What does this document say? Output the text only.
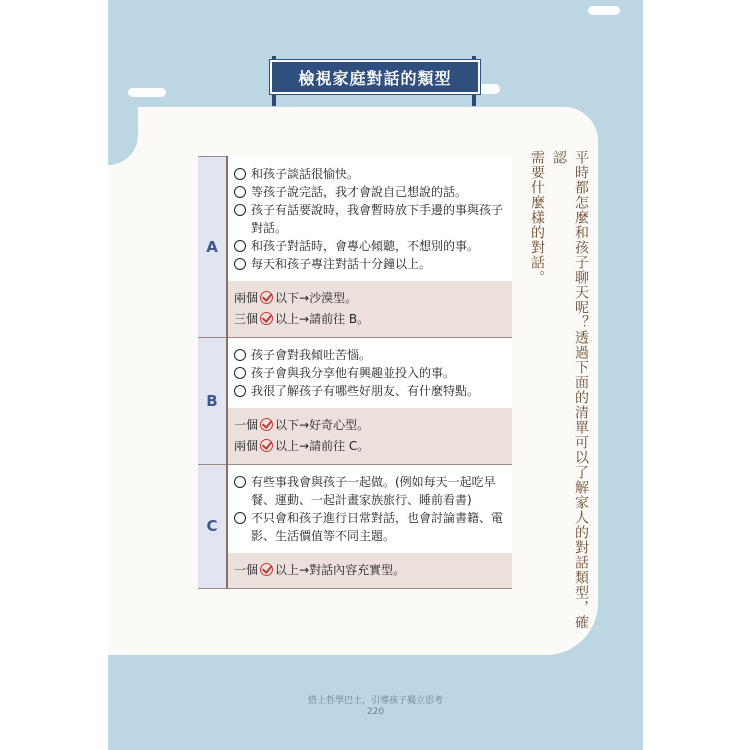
檢視家庭對話的類型
A	和孩子談話很愉快。
等孩子說完話，我才會說自己想說的話。
孩子有話要說時，我會暫時放下手邊的事與孩子對話。
和孩子對話時，會專心傾聽，不想別的事。
每天和孩子專注對話十分鐘以上。

	兩個 以下→沙漠型。
三個 以上→請前往 B。

B	孩子會對我傾吐苦惱。
孩子會與我分享他有興趣並投入的事。
我很了解孩子有哪些好朋友、有什麼特點。

	一個 以下→好奇心型。
兩個 以上→請前往 C。

C	有些事我會與孩子一起做。(例如每天一起吃早餐、運動、一起計畫家族旅行、睡前看書)
不只會和孩子進行日常對話，也會討論書籍、電影、生活價值等不同主題。

	一個 以上→對話內容充實型。	平時都怎麼和孩子聊天呢？透過下面的清單可以了解家人的對話類型，確認
需要什麼樣的對話。
搭上哲學巴士，引導孩子獨立思考
220
